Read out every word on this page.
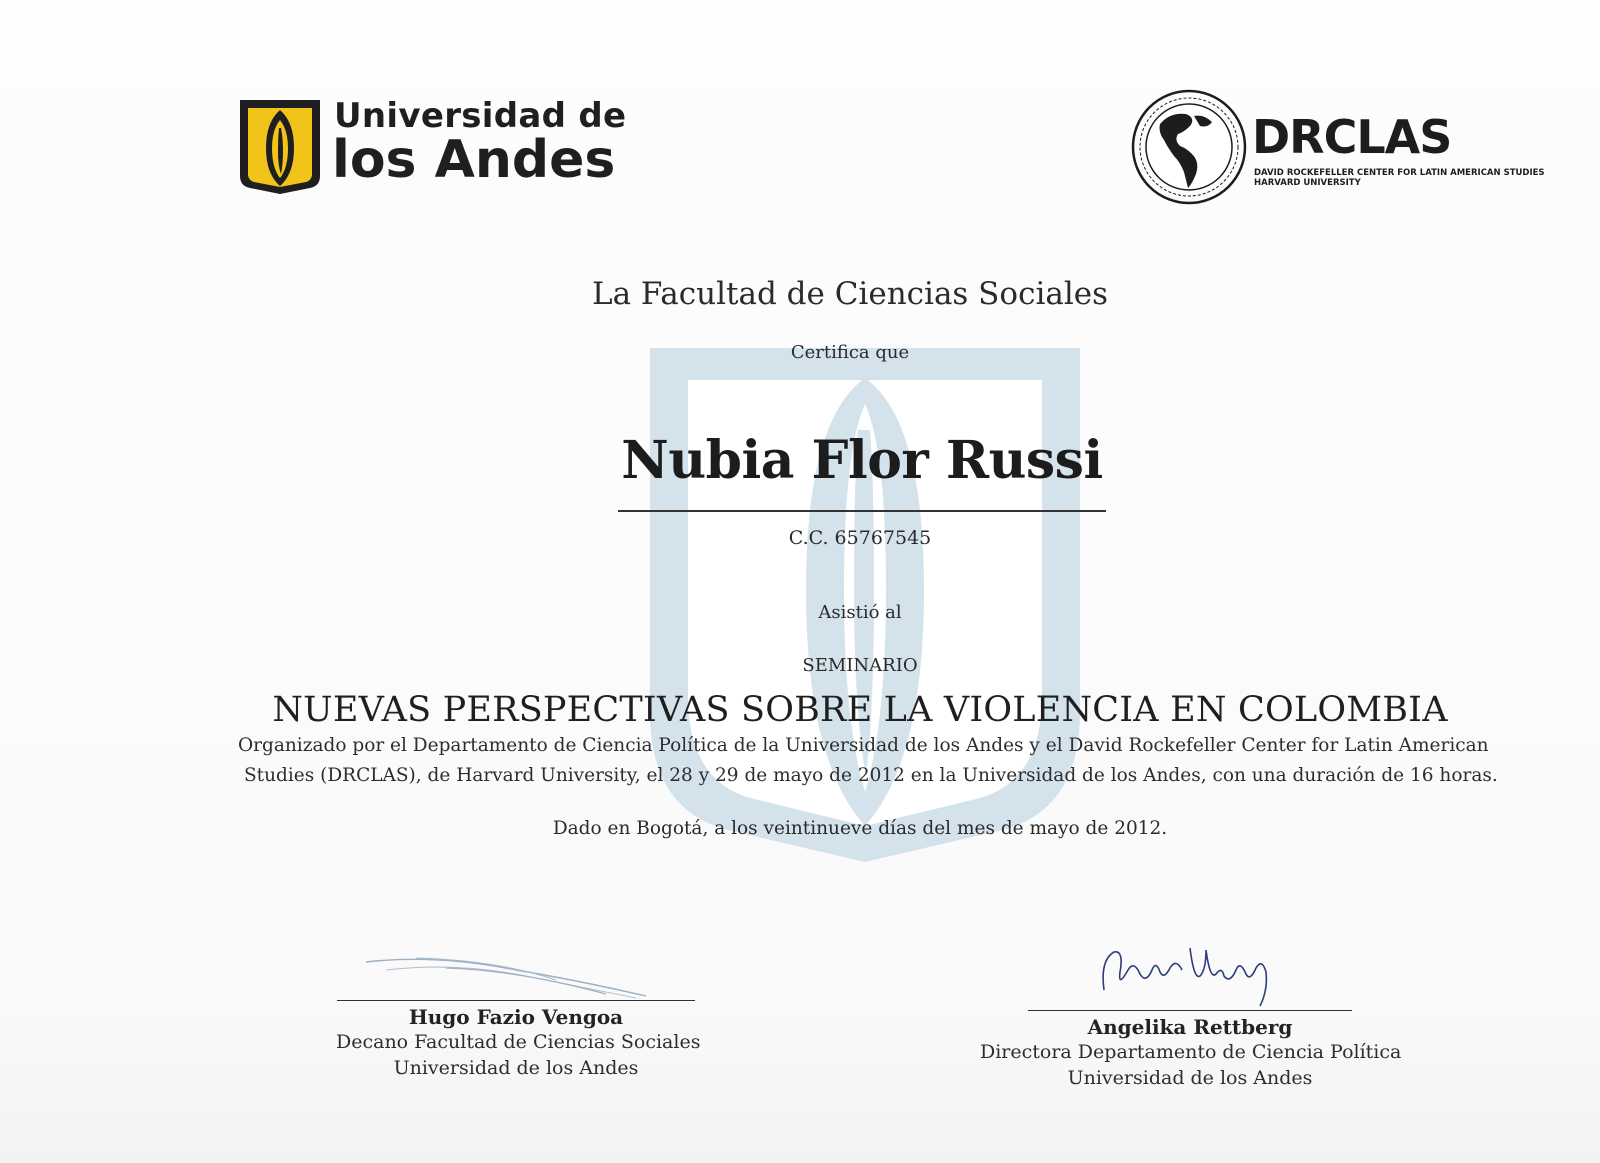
Universidad de
los Andes	DRCLAS
DAVID ROCKEFELLER CENTER FOR LATIN AMERICAN STUDIES
HARVARD UNIVERSITY
La Facultad de Ciencias Sociales
Certifica que
Nubia Flor Russi
C.C. 65767545
Asistió al
SEMINARIO
NUEVAS PERSPECTIVAS SOBRE LA VIOLENCIA EN COLOMBIA
Organizado por el Departamento de Ciencia Política de la Universidad de los Andes y el David Rockefeller Center for Latin American
Studies (DRCLAS), de Harvard University, el 28 y 29 de mayo de 2012 en la Universidad de los Andes, con una duración de 16 horas.
Dado en Bogotá, a los veintinueve días del mes de mayo de 2012.
Hugo Fazio Vengoa
Decano Facultad de Ciencias Sociales
Universidad de los Andes
Angelika Rettberg
Directora Departamento de Ciencia Política
Universidad de los Andes
